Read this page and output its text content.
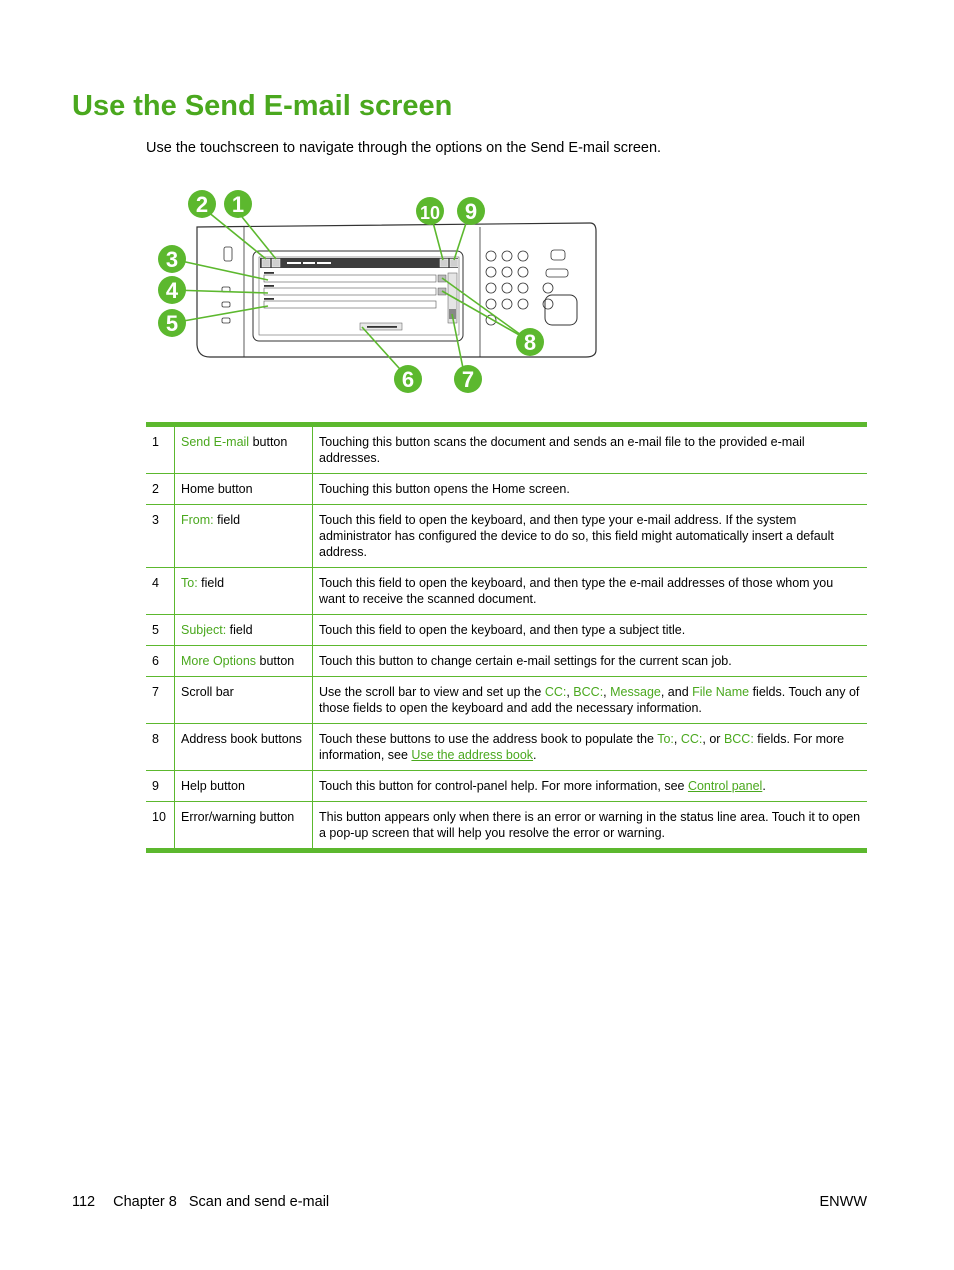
Use the Send E-mail screen

Use the touchscreen to navigate through the options on the Send E-mail screen.

1
2
3
4
5
6 7
8
9
10
1	Send E-mail button	Touching this button scans the document and sends an e-mail file to the provided e-mail addresses.
2	Home button	Touching this button opens the Home screen.
3	From: field	Touch this field to open the keyboard, and then type your e-mail address. If the system administrator has configured the device to do so, this field might automatically insert a default address.
4	To: field	Touch this field to open the keyboard, and then type the e-mail addresses of those whom you want to receive the scanned document.
5	Subject: field	Touch this field to open the keyboard, and then type a subject title.
6	More Options button	Touch this button to change certain e-mail settings for the current scan job.
7	Scroll bar	Use the scroll bar to view and set up the CC:, BCC:, Message, and File Name fields. Touch any of those fields to open the keyboard and add the necessary information.
8	Address book buttons	Touch these buttons to use the address book to populate the To:, CC:, or BCC: fields. For more information, see Use the address book.
9	Help button	Touch this button for control-panel help. For more information, see Control panel.
10	Error/warning button	This button appears only when there is an error or warning in the status line area. Touch it to open a pop-up screen that will help you resolve the error or warning.
112 Chapter 8   Scan and send e-mail	ENWW
